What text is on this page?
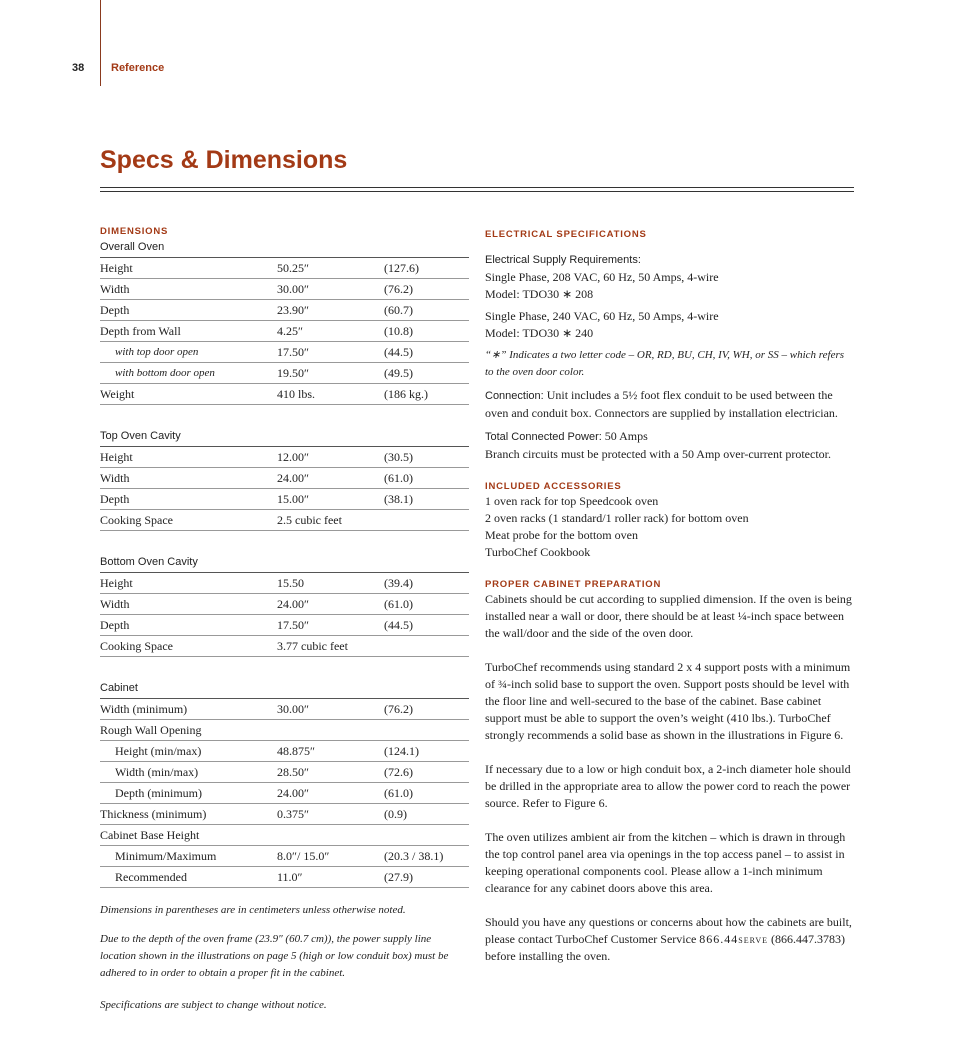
38 Reference
Specs & Dimensions
DIMENSIONS
Overall Oven
Height	50.25″	(127.6)
Width	30.00″	(76.2)
Depth	23.90″	(60.7)
Depth from Wall	4.25″	(10.8)
with top door open	17.50″	(44.5)
with bottom door open	19.50″	(49.5)
Weight	410 lbs.	(186 kg.)
Top Oven Cavity
Height	12.00″	(30.5)
Width	24.00″	(61.0)
Depth	15.00″	(38.1)
Cooking Space	2.5 cubic feet
Bottom Oven Cavity
Height	15.50	(39.4)
Width	24.00″	(61.0)
Depth	17.50″	(44.5)
Cooking Space	3.77 cubic feet
Cabinet
Width (minimum)	30.00″	(76.2)
Rough Wall Opening
Height (min/max)	48.875″	(124.1)
Width (min/max)	28.50″	(72.6)
Depth (minimum)	24.00″	(61.0)
Thickness (minimum)	0.375″	(0.9)
Cabinet Base Height
Minimum/Maximum	8.0″/ 15.0″	(20.3 / 38.1)
Recommended	11.0″	(27.9)

Dimensions in parentheses are in centimeters unless otherwise noted.

Due to the depth of the oven frame (23.9″ (60.7 cm)), the power supply line location shown in the illustrations on page 5 (high or low conduit box) must be adhered to in order to obtain a proper fit in the cabinet.

Specifications are subject to change without notice.

ELECTRICAL SPECIFICATIONS

Electrical Supply Requirements:
Single Phase, 208 VAC, 60 Hz, 50 Amps, 4-wire
Model: TDO30 ∗ 208

Single Phase, 240 VAC, 60 Hz, 50 Amps, 4-wire
Model: TDO30 ∗ 240

“∗” Indicates a two letter code – OR, RD, BU, CH, IV, WH, or SS – which refers to the oven door color.

Connection: Unit includes a 5½ foot flex conduit to be used between the oven and conduit box. Connectors are supplied by installation electrician.

Total Connected Power: 50 Amps
Branch circuits must be protected with a 50 Amp over-current protector.

INCLUDED ACCESSORIES

1 oven rack for top Speedcook oven
2 oven racks (1 standard/1 roller rack) for bottom oven
Meat probe for the bottom oven
TurboChef Cookbook

PROPER CABINET PREPARATION

Cabinets should be cut according to supplied dimension. If the oven is being installed near a wall or door, there should be at least ¼-inch space between the wall/door and the side of the oven door.

TurboChef recommends using standard 2 x 4 support posts with a minimum of ¾-inch solid base to support the oven. Support posts should be level with the floor line and well-secured to the base of the cabinet. Base cabinet support must be able to support the oven’s weight (410 lbs.). TurboChef strongly recommends a solid base as shown in the illustrations in Figure 6.

If necessary due to a low or high conduit box, a 2-inch diameter hole should be drilled in the appropriate area to allow the power cord to reach the power source. Refer to Figure 6.

The oven utilizes ambient air from the kitchen – which is drawn in through the top control panel area via openings in the top access panel – to assist in keeping operational components cool. Please allow a 1-inch minimum clearance for any cabinet doors above this area.

Should you have any questions or concerns about how the cabinets are built, please contact TurboChef Customer Service 866.44serve (866.447.3783) before installing the oven.
